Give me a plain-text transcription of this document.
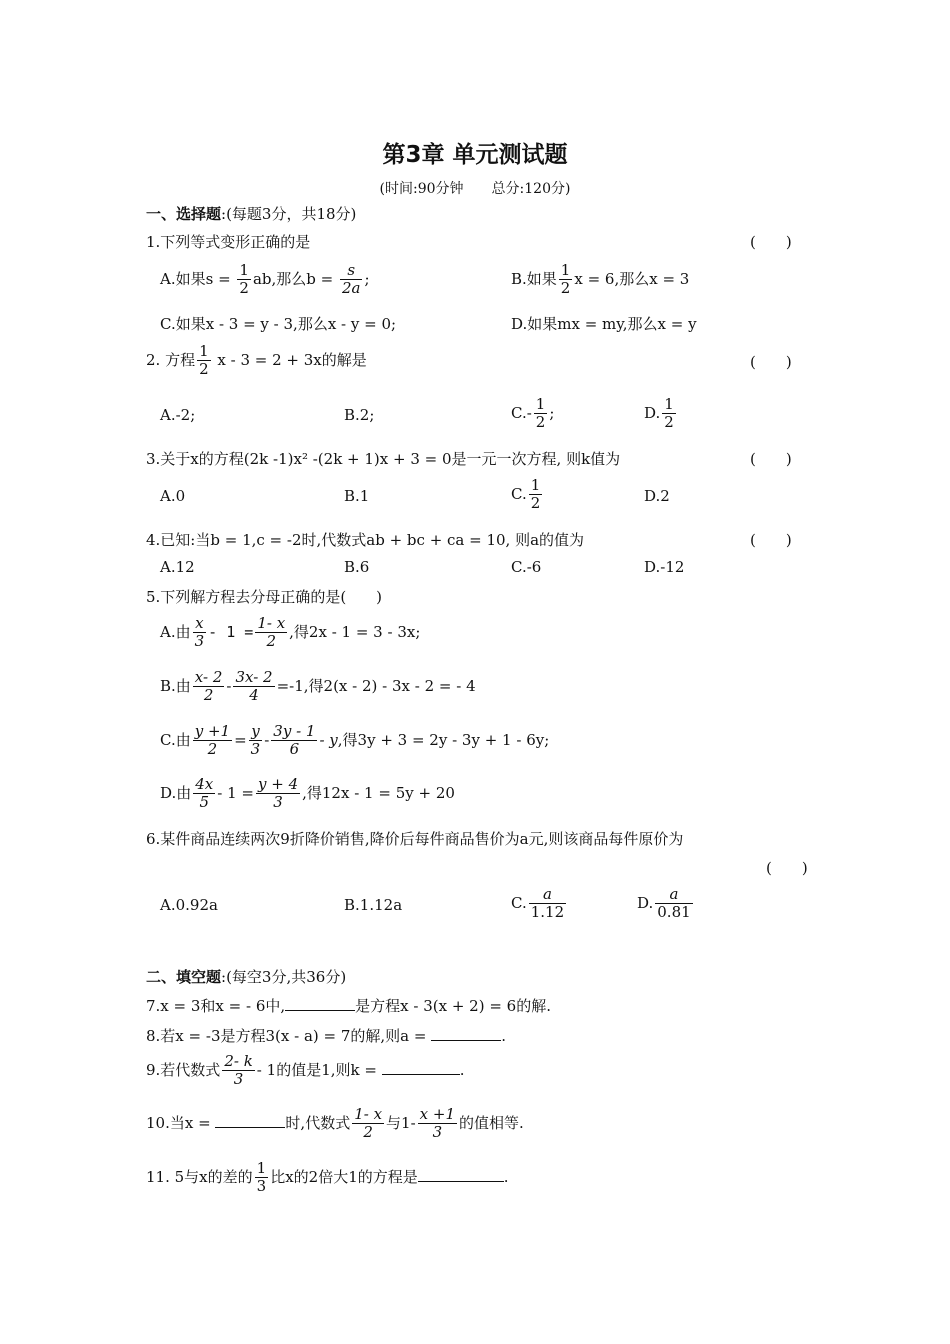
第3章 单元测试题
(时间:90分钟　　总分:120分)
一、选择题:(每题3分，共18分)
1.下列等式变形正确的是	(　　)
A.如果$s = \frac{1}{2}$ ab,那么$b = \frac{s}{2a}$ ;	B.如果 $\frac{1}{2}$ x = 6,那么x = 3
C.如果x - 3 = y - 3,那么x - y = 0;	D.如果mx = my,那么x = y
2. 方程 $\frac{1}{2}$ x - 3 = 2 + 3x的解是	(　　)
A.-2;	B.2;	$C.- \frac{1}{2}$ ;	D. $\frac{1}{2}$
3.关于x的方程(2k -1)x² -(2k + 1)x + 3 = 0是一元一次方程, 则k值为	(　　)
A.0	B.1	C. $\frac{1}{2}$	D.2
4.已知:当b = 1,c = -2时,代数式ab + bc + ca = 10, 则a的值为	(　　)
A.12	B.6	C.-6	D.-12
5.下列解方程去分母正确的是(　　)
A.由 $\frac{x}{3} - 1 = \frac{1- x}{2}$ ,得2x - 1 = 3 - 3x;
B.由 $\frac{x- 2}{2} - \frac{3x- 2}{4} =-1$,得2(x - 2) - 3x - 2 = - 4
C.由 $\frac{y +1}{2} = \frac{y}{3} - \frac{3y - 1}{6} - y$,得3y + 3 = 2y - 3y + 1 - 6y;
D.由 $\frac{4x}{5} - 1 = \frac{y + 4}{3}$ ,得12x - 1 = 5y + 20
6.某件商品连续两次9折降价销售,降价后每件商品售价为a元,则该商品每件原价为
(　　)
A.0.92a	B.1.12a	C. $\frac{a}{1.12}$	D. $\frac{a}{0.81}$
二、填空题:(每空3分,共36分)
7.x = 3和x = - 6中,	是方程x - 3(x + 2) = 6的解.
8.若x = -3是方程3(x - a) = 7的解,则a =	.
9.若代数式 $\frac{2- k}{3} - 1$的值是1,则k =	.
10.当x =	时,代数式 $\frac{1- x}{2}$ 与$1- \frac{x +1}{3}$ 的值相等.
11. 5与x的差的 $\frac{1}{3}$ 比x的2倍大1的方程是	.
